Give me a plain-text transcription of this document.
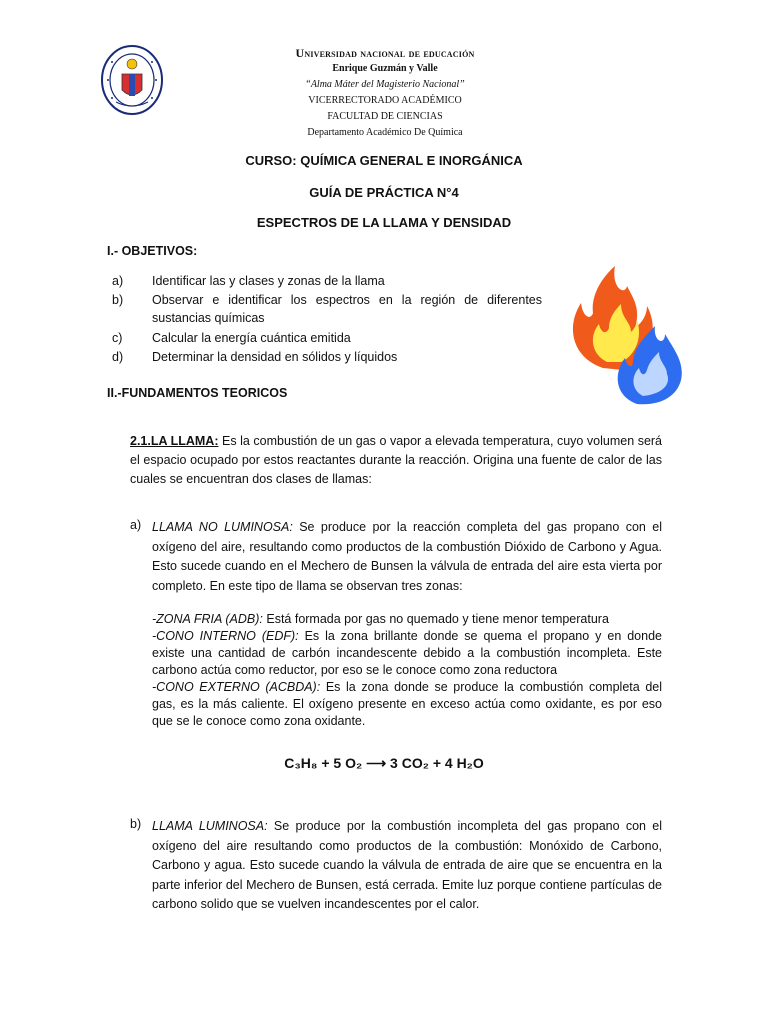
Universidad nacional de educación
Enrique Guzmán y Valle
“Alma Máter del Magisterio Nacional”
VICERRECTORADO ACADÉMICO
FACULTAD DE CIENCIAS
Departamento Académico De Química
CURSO: QUÍMICA GENERAL E INORGÁNICA
GUÍA DE PRÁCTICA N°4
ESPECTROS DE LA LLAMA Y DENSIDAD
I.- OBJETIVOS:
a) Identificar las y clases y zonas de la llama
b) Observar e identificar los espectros en la región de diferentes sustancias químicas
c) Calcular la energía cuántica emitida
d) Determinar la densidad en sólidos y líquidos
II.-FUNDAMENTOS TEORICOS
2.1.LA LLAMA: Es la combustión de un gas o vapor a elevada temperatura, cuyo volumen será el espacio ocupado por estos reactantes durante la reacción. Origina una fuente de calor de las cuales se encuentran dos clases de llamas:
a) LLAMA NO LUMINOSA: Se produce por la reacción completa del gas propano con el oxígeno del aire, resultando como productos de la combustión Dióxido de Carbono y Agua. Esto sucede cuando en el Mechero de Bunsen la válvula de entrada del aire esta vierta por completo. En este tipo de llama se observan tres zonas:
-ZONA FRIA (ADB): Está formada por gas no quemado y tiene menor temperatura
-CONO INTERNO (EDF): Es la zona brillante donde se quema el propano y en donde existe una cantidad de carbón incandescente debido a la combustión incompleta. Este carbono actúa como reductor, por eso se le conoce como zona reductora
-CONO EXTERNO (ACBDA): Es la zona donde se produce la combustión completa del gas, es la más caliente. El oxígeno presente en exceso actúa como oxidante, es por eso que se le conoce como zona oxidante.
C₃H₈ + 5 O₂ ⟶ 3 CO₂ + 4 H₂O
b) LLAMA LUMINOSA: Se produce por la combustión incompleta del gas propano con el oxígeno del aire resultando como productos de la combustión: Monóxido de Carbono, Carbono y agua. Esto sucede cuando la válvula de entrada de aire que se encuentra en la parte inferior del Mechero de Bunsen, está cerrada. Emite luz porque contiene partículas de carbono solido que se vuelven incandescentes por el calor.
